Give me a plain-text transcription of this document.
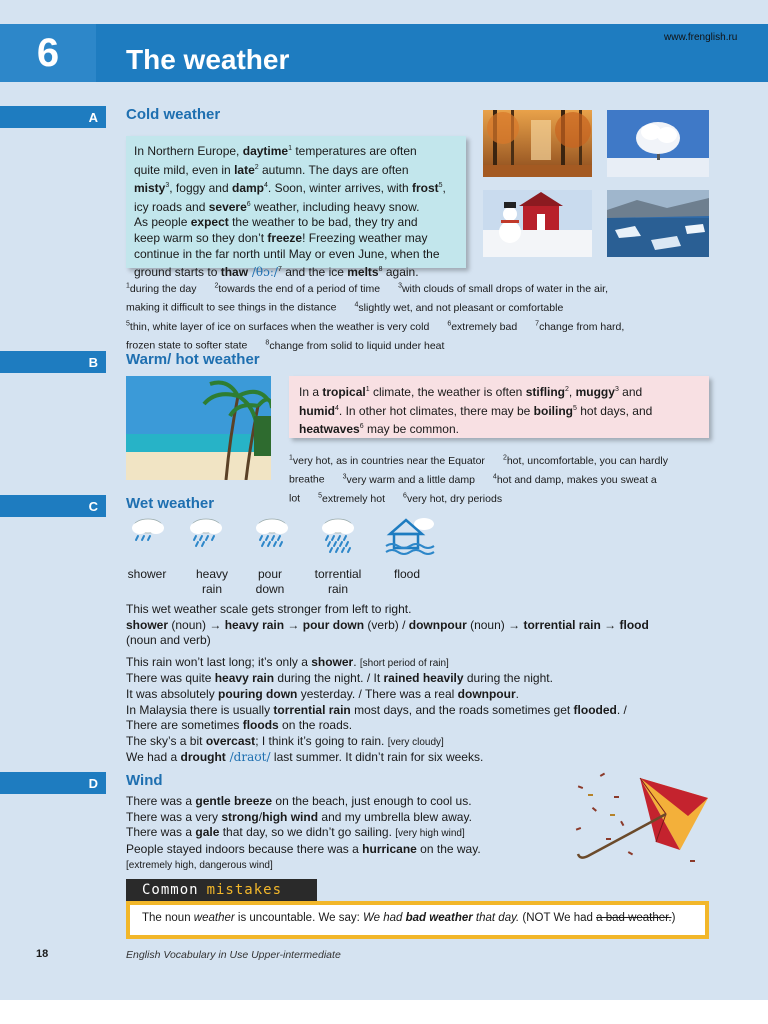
6	The weather
www.frenglish.ru
A	Cold weather
In Northern Europe, daytime$^1$ temperatures are often
quite mild, even in late$^2$ autumn. The days are often
misty$^3$, foggy and damp$^4$. Soon, winter arrives, with frost$^5$,
icy roads and severe$^6$ weather, including heavy snow.
As people expect the weather to be bad, they try and
keep warm so they don’t freeze! Freezing weather may
continue in the far north until May or even June, when the
ground starts to thaw /θɔː/$^7$ and the ice melts$^8$ again.
$^1$during the day	$^2$towards the end of a period of time	$^3$with clouds of small drops of water in the air,
making it difficult to see things in the distance	$^4$slightly wet, and not pleasant or comfortable
$^5$thin, white layer of ice on surfaces when the weather is very cold	$^6$extremely bad	$^7$change from hard,
frozen state to softer state	$^8$change from solid to liquid under heat
B	Warm/ hot weather
In a tropical$^1$ climate, the weather is often stifling$^2$, muggy$^3$ and
humid$^4$. In other hot climates, there may be boiling$^5$ hot days, and
heatwaves$^6$ may be common.
$^1$very hot, as in countries near the Equator	$^2$hot, uncomfortable, you can hardly
breathe	$^3$very warm and a little damp	$^4$hot and damp, makes you sweat a
lot	$^5$extremely hot	$^6$very hot, dry periods
C	Wet weather
shower	heavy
rain
pour
down
torrential
rain
flood
This wet weather scale gets stronger from left to right.
shower (noun) → heavy rain → pour down (verb) / downpour (noun) → torrential rain → flood
(noun and verb)
This rain won’t last long; it’s only a shower. [short period of rain]
There was quite heavy rain during the night. / It rained heavily during the night.
It was absolutely pouring down yesterday. / There was a real downpour.
In Malaysia there is usually torrential rain most days, and the roads sometimes get flooded. /
There are sometimes floods on the roads.
The sky’s a bit overcast; I think it’s going to rain. [very cloudy]
We had a drought /draʊt/ last summer. It didn’t rain for six weeks.
D	Wind
There was a gentle breeze on the beach, just enough to cool us.
There was a very strong/high wind and my umbrella blew away.
There was a gale that day, so we didn’t go sailing. [very high wind]
People stayed indoors because there was a hurricane on the way.
[extremely high, dangerous wind]
Common mistakes
The noun weather is uncountable. We say: We had bad weather that day. (NOT We had a bad weather.)
18	English Vocabulary in Use Upper-intermediate
